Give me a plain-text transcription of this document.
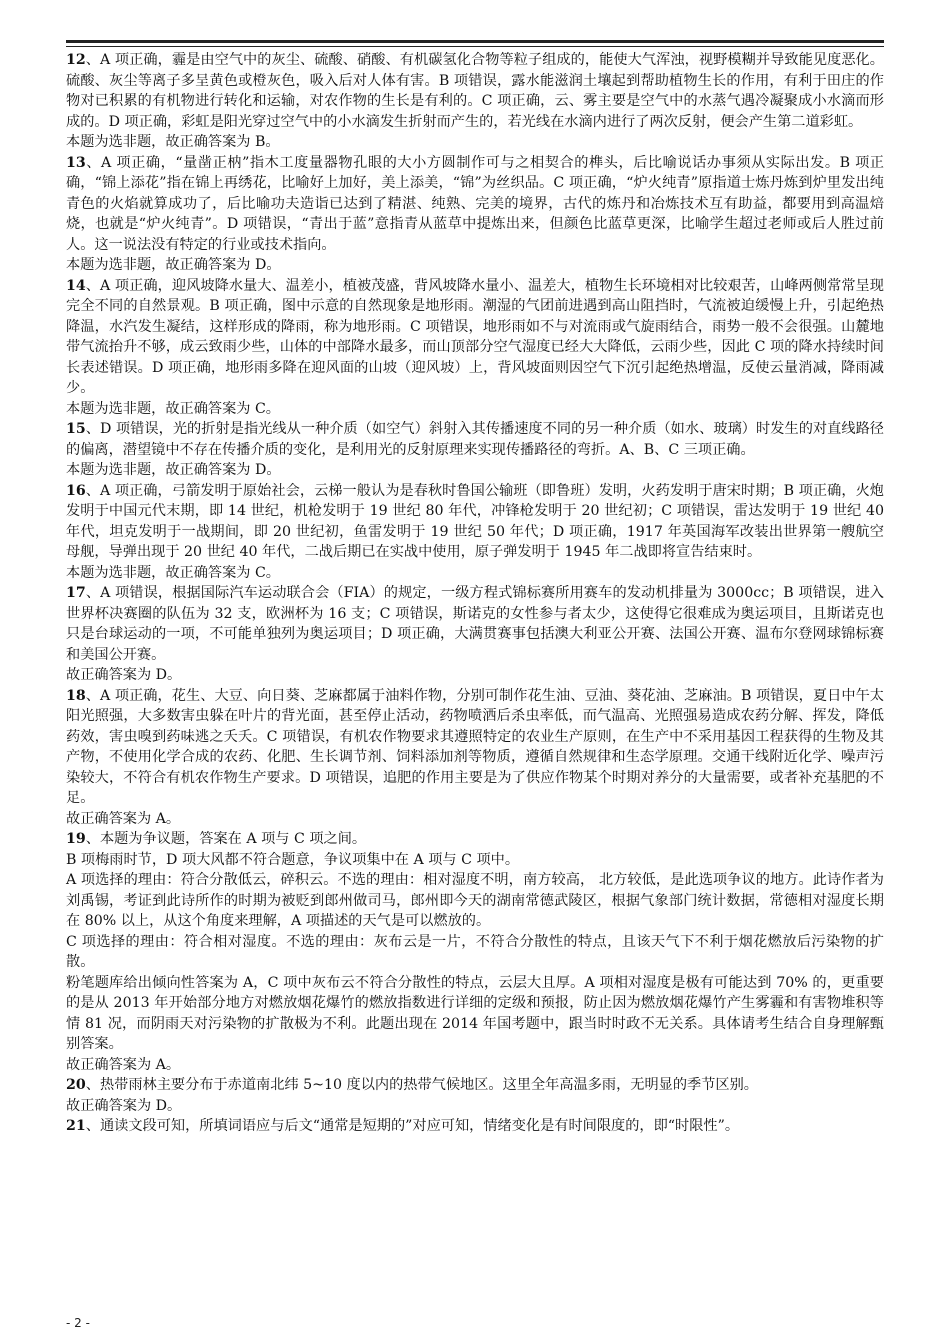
12、A 项正确，霾是由空气中的灰尘、硫酸、硝酸、有机碳氢化合物等粒子组成的，能使大气浑浊，视野模糊并导致能见度恶化。硫酸、灰尘等离子多呈黄色或橙灰色，吸入后对人体有害。B 项错误，露水能滋润土壤起到帮助植物生长的作用，有利于田庄的作物对已积累的有机物进行转化和运输，对农作物的生长是有利的。C 项正确，云、雾主要是空气中的水蒸气遇冷凝聚成小水滴而形成的。D 项正确，彩虹是阳光穿过空气中的小水滴发生折射而产生的，若光线在水滴内进行了两次反射，便会产生第二道彩虹。

本题为选非题，故正确答案为 B。

13、A 项正确，“量凿正枘”指木工度量器物孔眼的大小方圆制作可与之相契合的榫头，后比喻说话办事须从实际出发。B 项正确，“锦上添花”指在锦上再绣花，比喻好上加好，美上添美，“锦”为丝织品。C 项正确，“炉火纯青”原指道士炼丹炼到炉里发出纯青色的火焰就算成功了，后比喻功夫造诣已达到了精湛、纯熟、完美的境界，古代的炼丹和冶炼技术互有助益，都要用到高温焙烧，也就是“炉火纯青”。D 项错误，“青出于蓝”意指青从蓝草中提炼出来，但颜色比蓝草更深，比喻学生超过老师或后人胜过前人。这一说法没有特定的行业或技术指向。

本题为选非题，故正确答案为 D。

14、A 项正确，迎风坡降水量大、温差小，植被茂盛，背风坡降水量小、温差大，植物生长环境相对比较艰苦，山峰两侧常常呈现完全不同的自然景观。B 项正确，图中示意的自然现象是地形雨。潮湿的气团前进遇到高山阻挡时，气流被迫缓慢上升，引起绝热降温，水汽发生凝结，这样形成的降雨，称为地形雨。C 项错误，地形雨如不与对流雨或气旋雨结合，雨势一般不会很强。山麓地带气流抬升不够，成云致雨少些，山体的中部降水最多，而山顶部分空气湿度已经大大降低，云雨少些，因此 C 项的降水持续时间长表述错误。D 项正确，地形雨多降在迎风面的山坡（迎风坡）上，背风坡面则因空气下沉引起绝热增温，反使云量消减，降雨减少。

本题为选非题，故正确答案为 C。

15、D 项错误，光的折射是指光线从一种介质（如空气）斜射入其传播速度不同的另一种介质（如水、玻璃）时发生的对直线路径的偏离，潜望镜中不存在传播介质的变化，是利用光的反射原理来实现传播路径的弯折。A、B、C 三项正确。

本题为选非题，故正确答案为 D。

16、A 项正确，弓箭发明于原始社会，云梯一般认为是春秋时鲁国公输班（即鲁班）发明，火药发明于唐宋时期；B 项正确，火炮发明于中国元代末期，即 14 世纪，机枪发明于 19 世纪 80 年代，冲锋枪发明于 20 世纪初；C 项错误，雷达发明于 19 世纪 40 年代，坦克发明于一战期间，即 20 世纪初，鱼雷发明于 19 世纪 50 年代；D 项正确，1917 年英国海军改装出世界第一艘航空母舰，导弹出现于 20 世纪 40 年代，二战后期已在实战中使用，原子弹发明于 1945 年二战即将宣告结束时。

本题为选非题，故正确答案为 C。

17、A 项错误，根据国际汽车运动联合会（FIA）的规定，一级方程式锦标赛所用赛车的发动机排量为 3000cc；B 项错误，进入世界杯决赛圈的队伍为 32 支，欧洲杯为 16 支；C 项错误，斯诺克的女性参与者太少，这使得它很难成为奥运项目，且斯诺克也只是台球运动的一项，不可能单独列为奥运项目；D 项正确，大满贯赛事包括澳大利亚公开赛、法国公开赛、温布尔登网球锦标赛和美国公开赛。

故正确答案为 D。

18、A 项正确，花生、大豆、向日葵、芝麻都属于油料作物，分别可制作花生油、豆油、葵花油、芝麻油。B 项错误，夏日中午太阳光照强，大多数害虫躲在叶片的背光面，甚至停止活动，药物喷洒后杀虫率低，而气温高、光照强易造成农药分解、挥发，降低药效，害虫嗅到药味逃之夭夭。C 项错误，有机农作物要求其遵照特定的农业生产原则，在生产中不采用基因工程获得的生物及其产物，不使用化学合成的农药、化肥、生长调节剂、饲料添加剂等物质，遵循自然规律和生态学原理。交通干线附近化学、噪声污染较大，不符合有机农作物生产要求。D 项错误，追肥的作用主要是为了供应作物某个时期对养分的大量需要，或者补充基肥的不足。

故正确答案为 A。

19、本题为争议题，答案在 A 项与 C 项之间。

B 项梅雨时节，D 项大风都不符合题意，争议项集中在 A 项与 C 项中。

A 项选择的理由：符合分散低云，碎积云。不选的理由：相对湿度不明，南方较高， 北方较低，是此选项争议的地方。此诗作者为刘禹锡，考证到此诗所作的时期为被贬到郎州做司马，郎州即今天的湖南常德武陵区，根据气象部门统计数据，常德相对湿度长期在 80% 以上，从这个角度来理解，A 项描述的天气是可以燃放的。

C 项选择的理由：符合相对湿度。不选的理由：灰布云是一片，不符合分散性的特点，且该天气下不利于烟花燃放后污染物的扩散。

粉笔题库给出倾向性答案为 A，C 项中灰布云不符合分散性的特点，云层大且厚。A 项相对湿度是极有可能达到 70% 的，更重要的是从 2013 年开始部分地方对燃放烟花爆竹的燃放指数进行详细的定级和预报，防止因为燃放烟花爆竹产生雾霾和有害物堆积等情 81 况，而阴雨天对污染物的扩散极为不利。此题出现在 2014 年国考题中，跟当时时政不无关系。具体请考生结合自身理解甄别答案。

故正确答案为 A。

20、热带雨林主要分布于赤道南北纬 5~10 度以内的热带气候地区。这里全年高温多雨，无明显的季节区别。

故正确答案为 D。

21、通读文段可知，所填词语应与后文“通常是短期的”对应可知，情绪变化是有时间限度的，即“时限性”。

- 2 -
